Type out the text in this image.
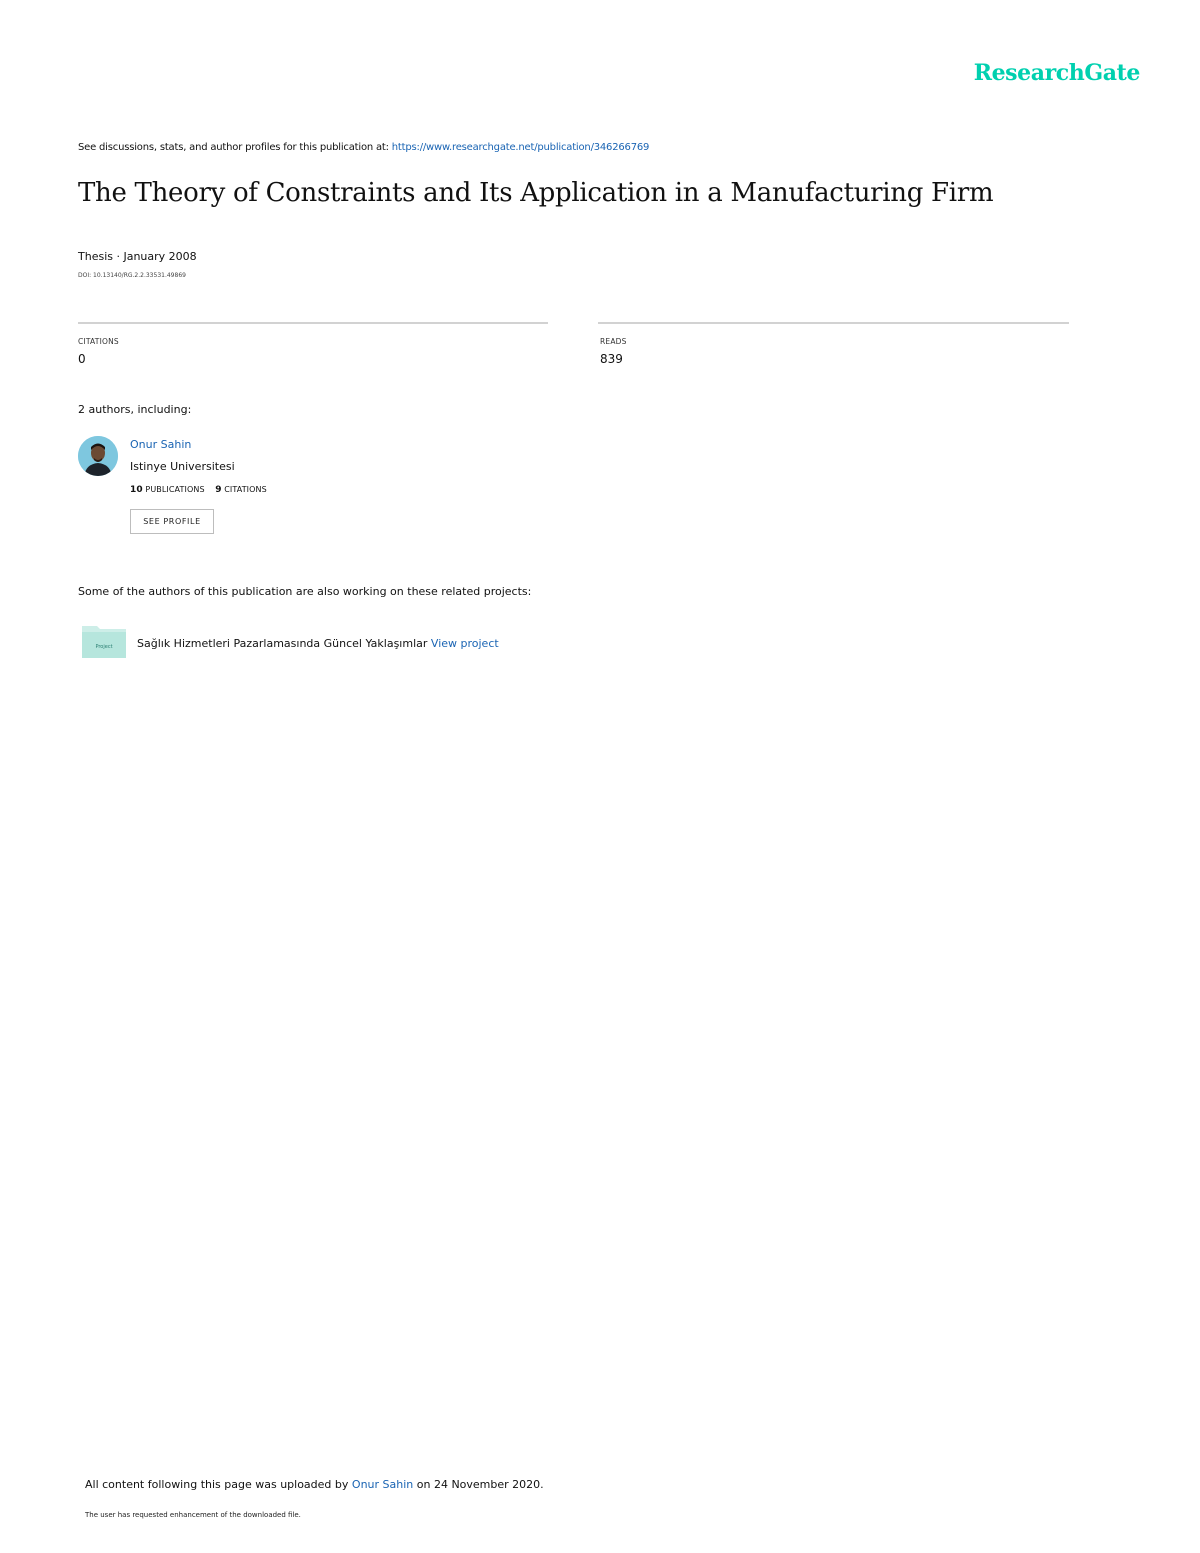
ResearchGate
See discussions, stats, and author profiles for this publication at: https://www.researchgate.net/publication/346266769
The Theory of Constraints and Its Application in a Manufacturing Firm
Thesis · January 2008
DOI: 10.13140/RG.2.2.33531.49869
CITATIONS
0
READS
839
2 authors, including:
Onur Sahin
Istinye Universitesi
10 PUBLICATIONS 9 CITATIONS
SEE PROFILE
Some of the authors of this publication are also working on these related projects:
Project Sağlık Hizmetleri Pazarlamasında Güncel Yaklaşımlar View project
All content following this page was uploaded by Onur Sahin on 24 November 2020.
The user has requested enhancement of the downloaded file.
